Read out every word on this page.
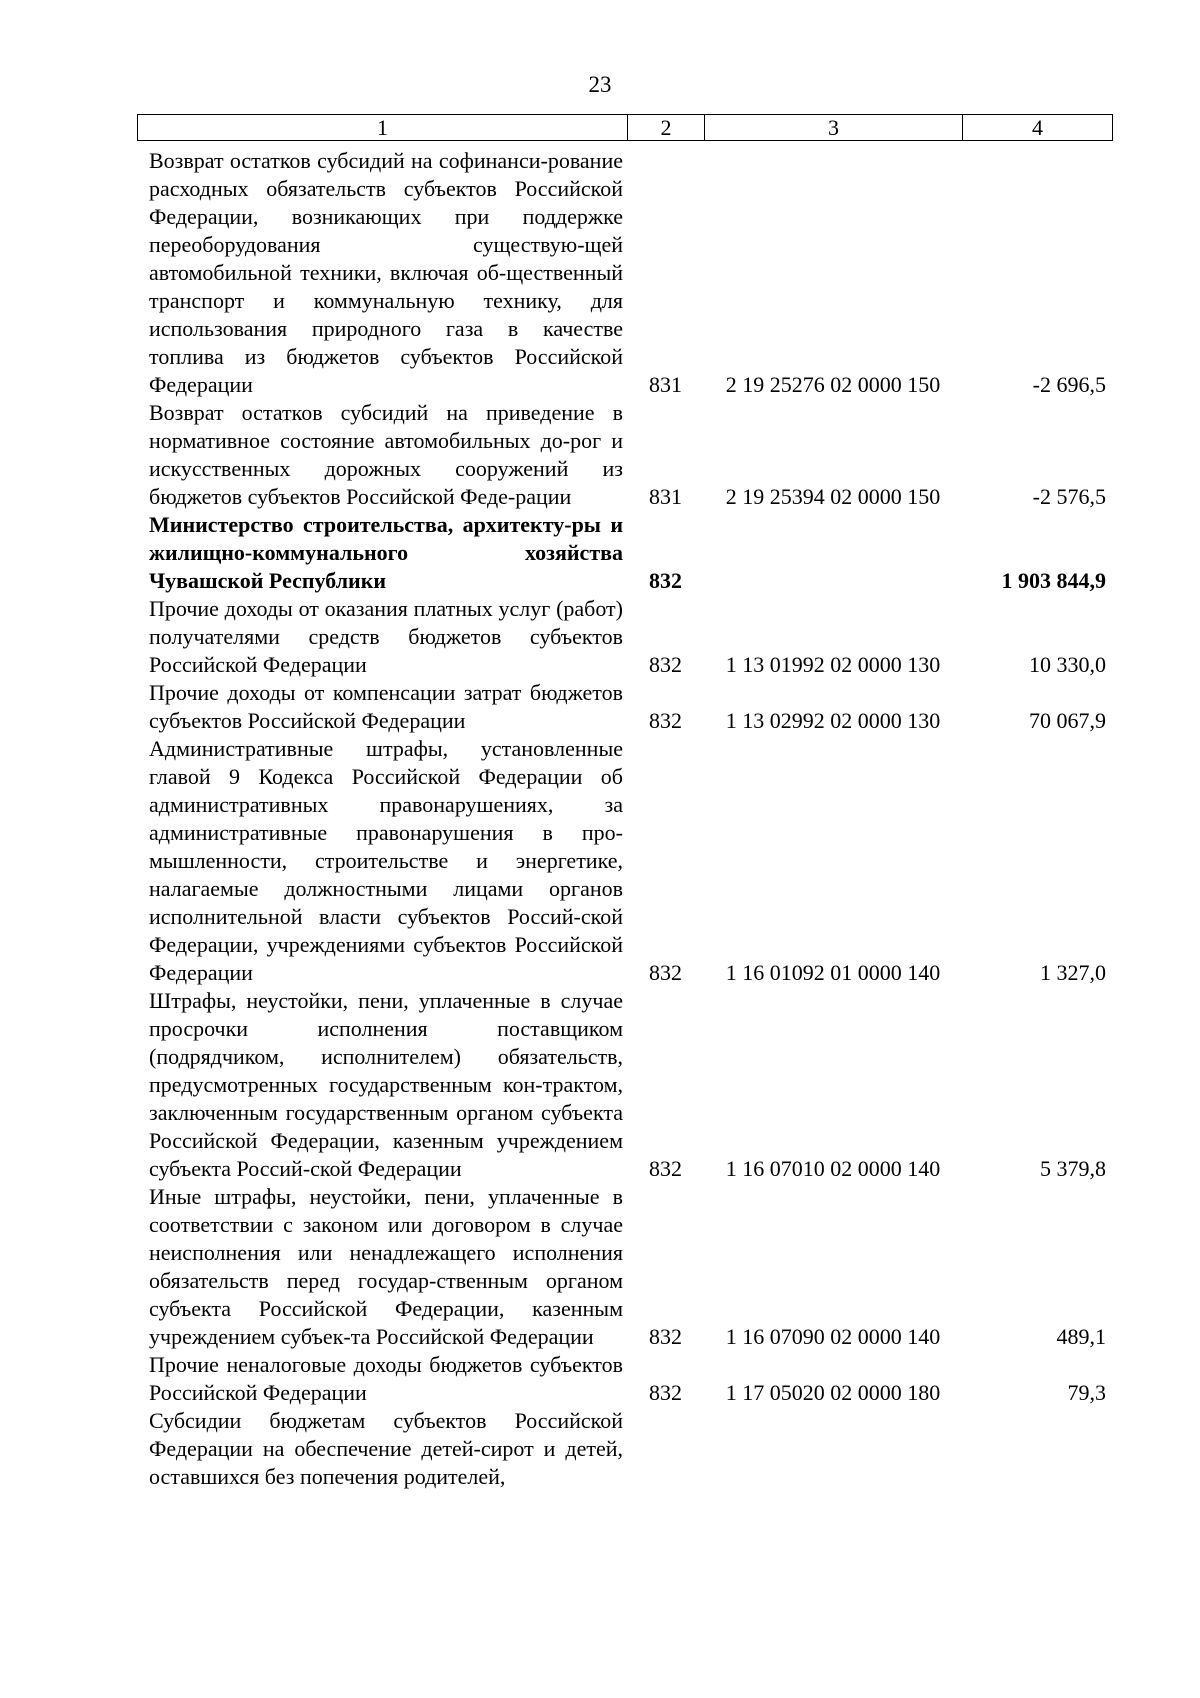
23
1	2	3	4
Возврат остатков субсидий на софинанси-рование расходных обязательств субъектов Российской Федерации, возникающих при поддержке переоборудования существую-щей автомобильной техники, включая об-щественный транспорт и коммунальную технику, для использования природного газа в качестве топлива из бюджетов субъектов Российской Федерации	831	2 19 25276 02 0000 150	-2 696,5
Возврат остатков субсидий на приведение в нормативное состояние автомобильных до-рог и искусственных дорожных сооружений из бюджетов субъектов Российской Феде-рации	831	2 19 25394 02 0000 150	-2 576,5
Министерство строительства, архитекту-ры и жилищно-коммунального хозяйства Чувашской Республики	832		1 903 844,9
Прочие доходы от оказания платных услуг (работ) получателями средств бюджетов субъектов Российской Федерации	832	1 13 01992 02 0000 130	10 330,0
Прочие доходы от компенсации затрат бюджетов субъектов Российской Федерации	832	1 13 02992 02 0000 130	70 067,9
Административные штрафы, установленные главой 9 Кодекса Российской Федерации об административных правонарушениях, за административные правонарушения в про-мышленности, строительстве и энергетике, налагаемые должностными лицами органов исполнительной власти субъектов Россий-ской Федерации, учреждениями субъектов Российской Федерации	832	1 16 01092 01 0000 140	1 327,0
Штрафы, неустойки, пени, уплаченные в случае просрочки исполнения поставщиком (подрядчиком, исполнителем) обязательств, предусмотренных государственным кон-трактом, заключенным государственным органом субъекта Российской Федерации, казенным учреждением субъекта Россий-ской Федерации	832	1 16 07010 02 0000 140	5 379,8
Иные штрафы, неустойки, пени, уплаченные в соответствии с законом или договором в случае неисполнения или ненадлежащего исполнения обязательств перед государ-ственным органом субъекта Российской Федерации, казенным учреждением субъек-та Российской Федерации	832	1 16 07090 02 0000 140	489,1
Прочие неналоговые доходы бюджетов субъектов Российской Федерации	832	1 17 05020 02 0000 180	79,3
Субсидии бюджетам субъектов Российской Федерации на обеспечение детей-сирот и детей, оставшихся без попечения родителей,			
